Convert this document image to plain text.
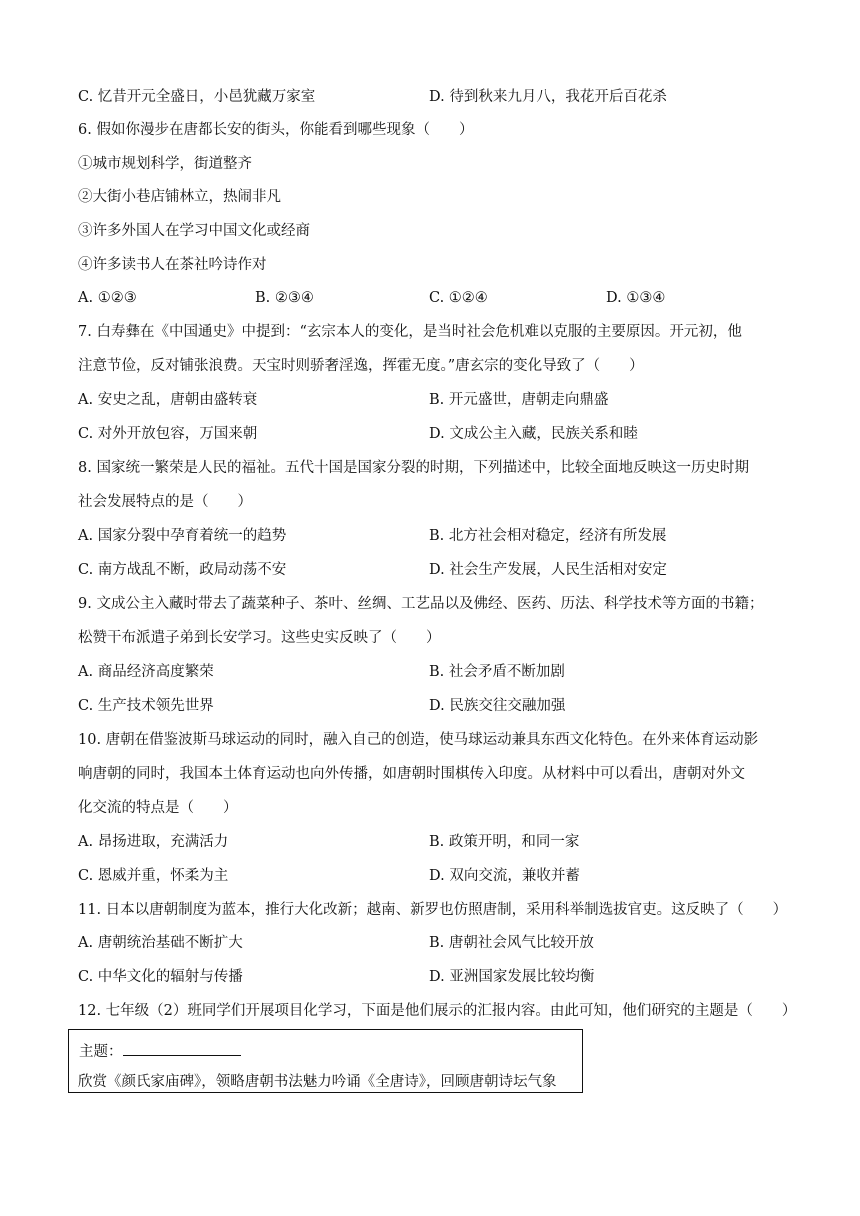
C. 忆昔开元全盛日，小邑犹藏万家室	D. 待到秋来九月八，我花开后百花杀
6. 假如你漫步在唐都长安的街头，你能看到哪些现象（　　）
①城市规划科学，街道整齐
②大街小巷店铺林立，热闹非凡
③许多外国人在学习中国文化或经商
④许多读书人在茶社吟诗作对
A. ①②③	B. ②③④	C. ①②④	D. ①③④
7. 白寿彝在《中国通史》中提到：“玄宗本人的变化，是当时社会危机难以克服的主要原因。开元初，他
注意节俭，反对铺张浪费。天宝时则骄奢淫逸，挥霍无度。”唐玄宗的变化导致了（　　）
A. 安史之乱，唐朝由盛转衰	B. 开元盛世，唐朝走向鼎盛
C. 对外开放包容，万国来朝	D. 文成公主入藏，民族关系和睦
8. 国家统一繁荣是人民的福祉。五代十国是国家分裂的时期，下列描述中，比较全面地反映这一历史时期
社会发展特点的是（　　）
A. 国家分裂中孕育着统一的趋势	B. 北方社会相对稳定，经济有所发展
C. 南方战乱不断，政局动荡不安	D. 社会生产发展，人民生活相对安定
9. 文成公主入藏时带去了蔬菜种子、茶叶、丝绸、工艺品以及佛经、医药、历法、科学技术等方面的书籍；
松赞干布派遣子弟到长安学习。这些史实反映了（　　）
A. 商品经济高度繁荣	B. 社会矛盾不断加剧
C. 生产技术领先世界	D. 民族交往交融加强
10. 唐朝在借鉴波斯马球运动的同时，融入自己的创造，使马球运动兼具东西文化特色。在外来体育运动影
响唐朝的同时，我国本土体育运动也向外传播，如唐朝时围棋传入印度。从材料中可以看出，唐朝对外文
化交流的特点是（　　）
A. 昂扬进取，充满活力	B. 政策开明，和同一家
C. 恩威并重，怀柔为主	D. 双向交流，兼收并蓄
11. 日本以唐朝制度为蓝本，推行大化改新；越南、新罗也仿照唐制，采用科举制选拔官吏。这反映了（　　）
A. 唐朝统治基础不断扩大	B. 唐朝社会风气比较开放
C. 中华文化的辐射与传播	D. 亚洲国家发展比较均衡
12. 七年级（2）班同学们开展项目化学习，下面是他们展示的汇报内容。由此可知，他们研究的主题是（　　）
主题：
欣赏《颜氏家庙碑》，领略唐朝书法魅力吟诵《全唐诗》，回顾唐朝诗坛气象
